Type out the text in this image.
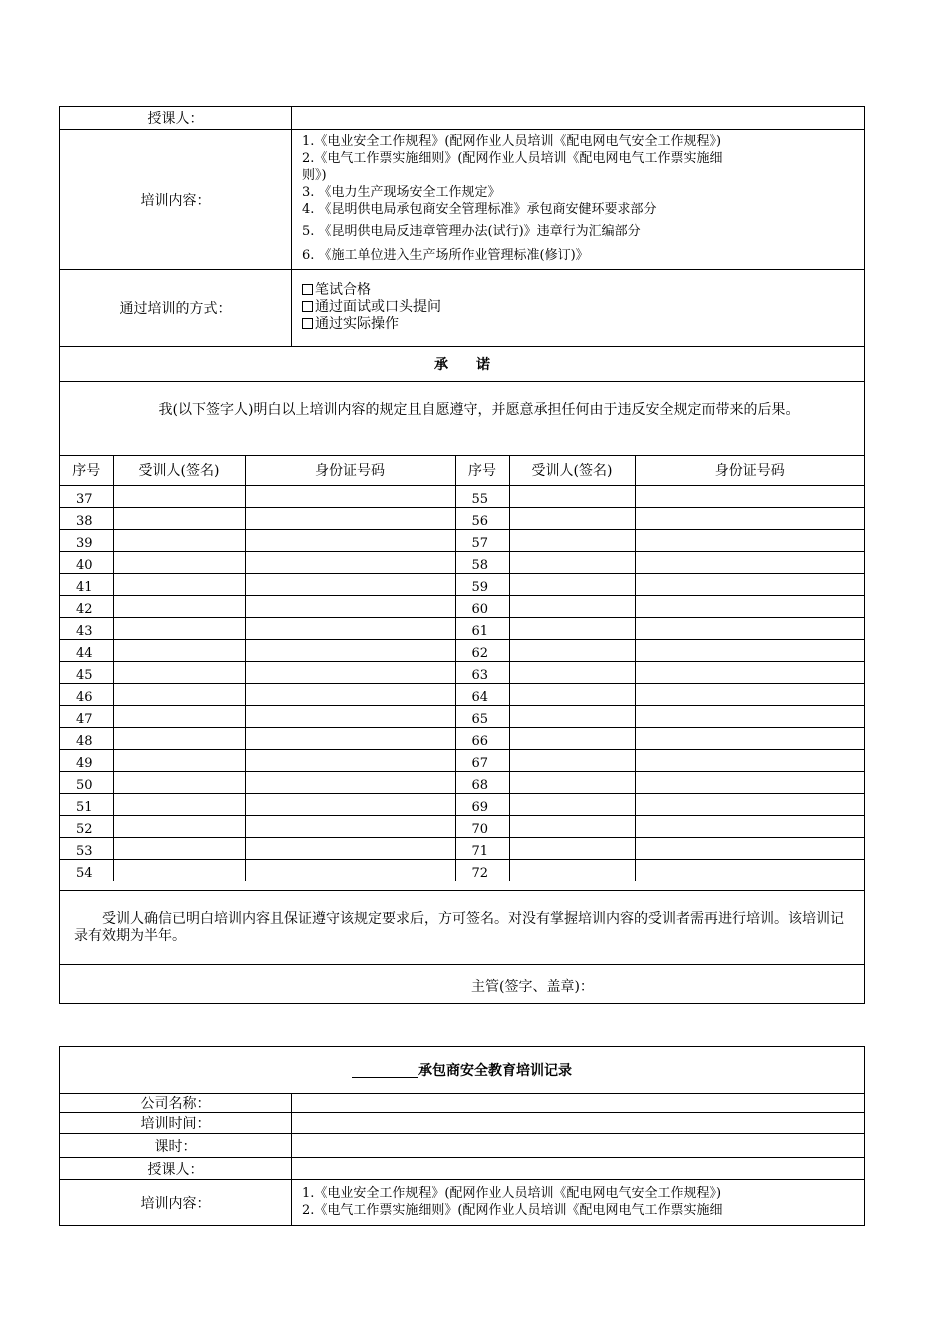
授课人：
培训内容：
1.《电业安全工作规程》(配网作业人员培训《配电网电气安全工作规程》)
2.《电气工作票实施细则》(配网作业人员培训《配电网电气工作票实施细
则》)
3. 《电力生产现场安全工作规定》
4. 《昆明供电局承包商安全管理标准》承包商安健环要求部分
5. 《昆明供电局反违章管理办法(试行)》违章行为汇编部分
6. 《施工单位进入生产场所作业管理标准(修订)》
通过培训的方式：
笔试合格
通过面试或口头提问
通过实际操作
承　　诺
我(以下签字人)明白以上培训内容的规定且自愿遵守，并愿意承担任何由于违反安全规定而带来的后果。
序号	受训人(签名)	身份证号码	序号	受训人(签名)	身份证号码
37			55		
38			56		
39			57		
40			58		
41			59		
42			60		
43			61		
44			62		
45			63		
46			64		
47			65		
48			66		
49			67		
50			68		
51			69		
52			70		
53			71		
54			72		
受训人确信已明白培训内容且保证遵守该规定要求后，方可签名。对没有掌握培训内容的受训者需再进行培训。该培训记录有效期为半年。
主管(签字、盖章)：
承包商安全教育培训记录
公司名称：
培训时间：
课时：
授课人：
培训内容：
1.《电业安全工作规程》(配网作业人员培训《配电网电气安全工作规程》)
2.《电气工作票实施细则》(配网作业人员培训《配电网电气工作票实施细
